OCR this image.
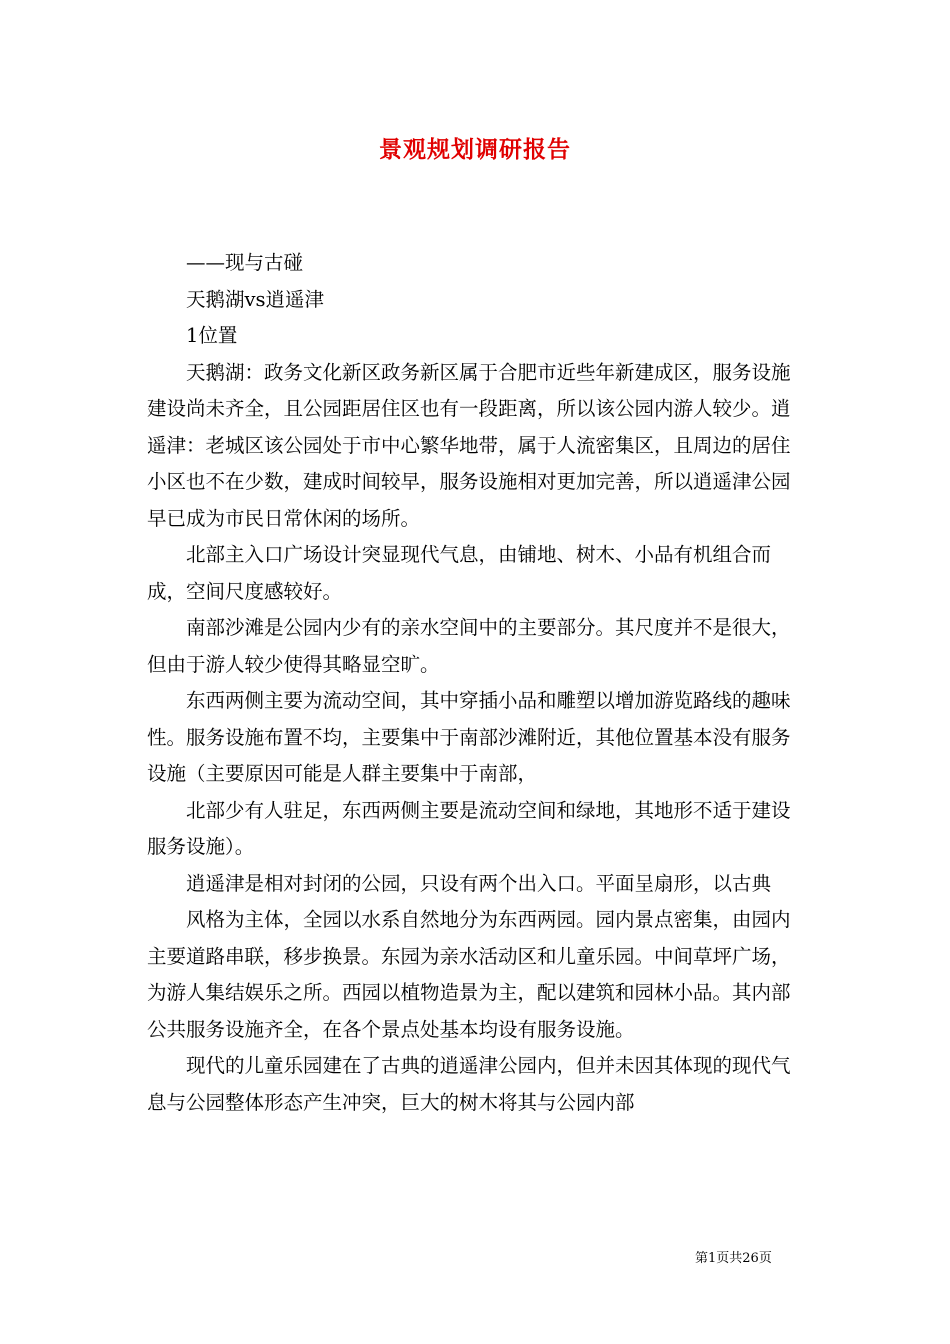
景观规划调研报告

——现与古碰

天鹅湖vs逍遥津

1位置

天鹅湖：政务文化新区政务新区属于合肥市近些年新建成区，服务设施建设尚未齐全，且公园距居住区也有一段距离，所以该公园内游人较少。逍遥津：老城区该公园处于市中心繁华地带，属于人流密集区，且周边的居住小区也不在少数，建成时间较早，服务设施相对更加完善，所以逍遥津公园早已成为市民日常休闲的场所。

北部主入口广场设计突显现代气息，由铺地、树木、小品有机组合而成，空间尺度感较好。

南部沙滩是公园内少有的亲水空间中的主要部分。其尺度并不是很大，但由于游人较少使得其略显空旷。

东西两侧主要为流动空间，其中穿插小品和雕塑以增加游览路线的趣味性。服务设施布置不均，主要集中于南部沙滩附近，其他位置基本没有服务设施（主要原因可能是人群主要集中于南部，

北部少有人驻足，东西两侧主要是流动空间和绿地，其地形不适于建设服务设施）。

逍遥津是相对封闭的公园，只设有两个出入口。平面呈扇形，以古典

风格为主体，全园以水系自然地分为东西两园。园内景点密集，由园内主要道路串联，移步换景。东园为亲水活动区和儿童乐园。中间草坪广场，为游人集结娱乐之所。西园以植物造景为主，配以建筑和园林小品。其内部公共服务设施齐全，在各个景点处基本均设有服务设施。

现代的儿童乐园建在了古典的逍遥津公园内，但并未因其体现的现代气息与公园整体形态产生冲突，巨大的树木将其与公园内部

第1页共26页
